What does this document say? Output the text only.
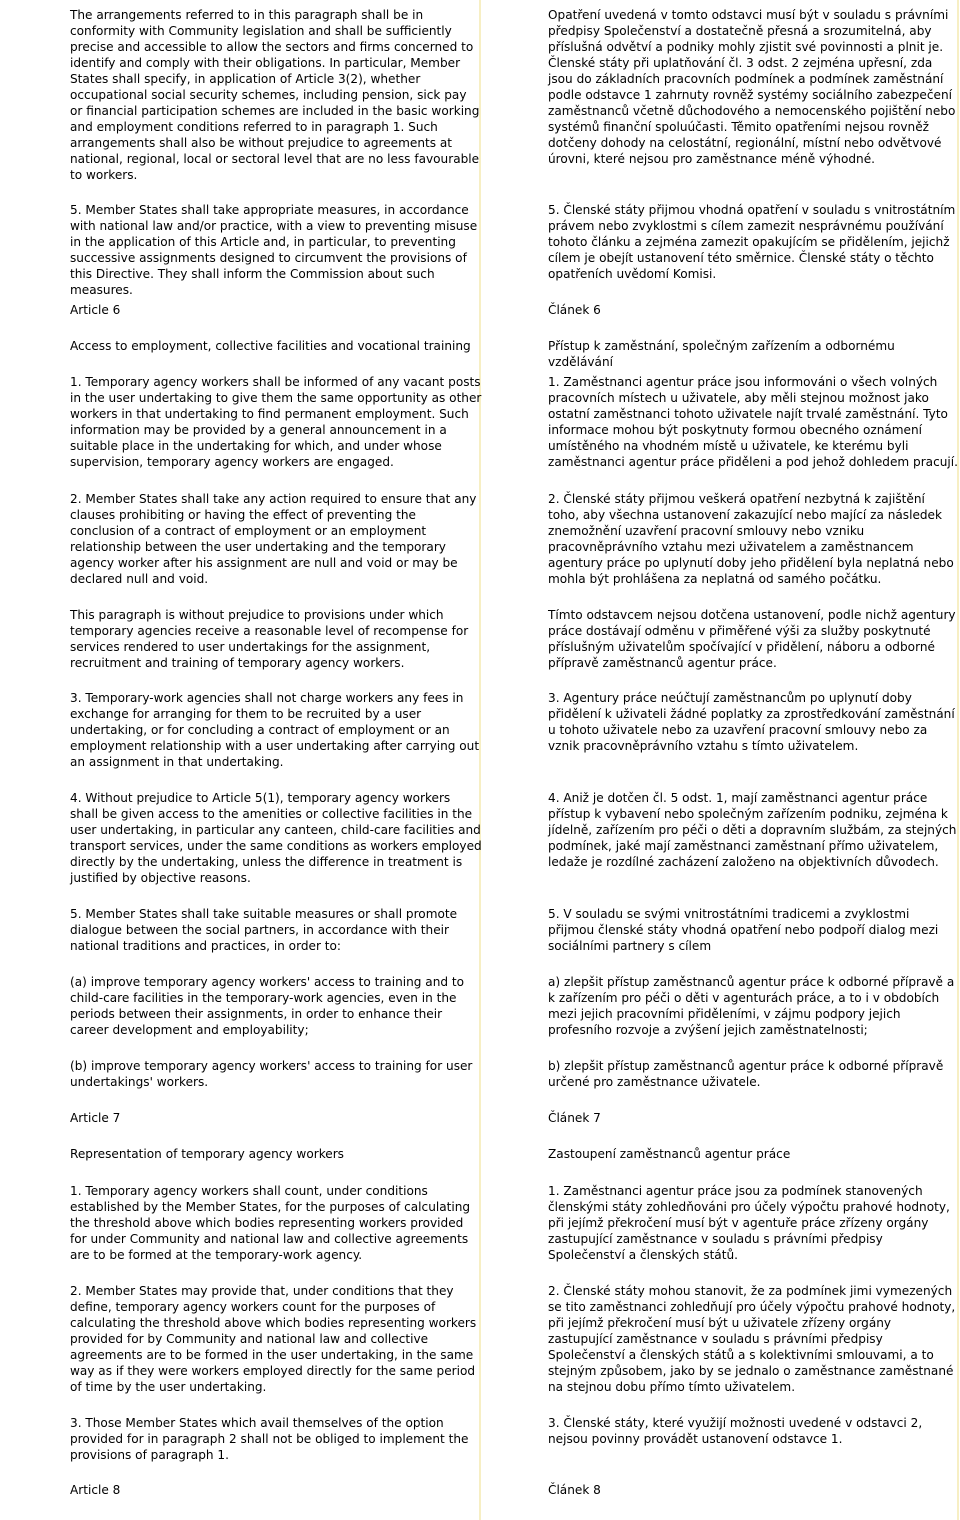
The arrangements referred to in this paragraph shall be in conformity with Community legislation and shall be sufficiently precise and accessible to allow the sectors and firms concerned to identify and comply with their obligations. In particular, Member States shall specify, in application of Article 3(2), whether occupational social security schemes, including pension, sick pay or financial participation schemes are included in the basic working and employment conditions referred to in paragraph 1. Such arrangements shall also be without prejudice to agreements at national, regional, local or sectoral level that are no less favourable to workers.

Opatření uvedená v tomto odstavci musí být v souladu s právními předpisy Společenství a dostatečně přesná a srozumitelná, aby příslušná odvětví a podniky mohly zjistit své povinnosti a plnit je. Členské státy při uplatňování čl. 3 odst. 2 zejména upřesní, zda jsou do základních pracovních podmínek a podmínek zaměstnání podle odstavce 1 zahrnuty rovněž systémy sociálního zabezpečení zaměstnanců včetně důchodového a nemocenského pojištění nebo systémů finanční spoluúčasti. Těmito opatřeními nejsou rovněž dotčeny dohody na celostátní, regionální, místní nebo odvětvové úrovni, které nejsou pro zaměstnance méně výhodné.

5. Member States shall take appropriate measures, in accordance with national law and/or practice, with a view to preventing misuse in the application of this Article and, in particular, to preventing successive assignments designed to circumvent the provisions of this Directive. They shall inform the Commission about such measures.

5. Členské státy přijmou vhodná opatření v souladu s vnitrostátním právem nebo zvyklostmi s cílem zamezit nesprávnému používání tohoto článku a zejména zamezit opakujícím se přidělením, jejichž cílem je obejít ustanovení této směrnice. Členské státy o těchto opatřeních uvědomí Komisi.

Article 6	Článek 6

Access to employment, collective facilities and vocational training	Přístup k zaměstnání, společným zařízením a odbornému vzdělávání

1. Temporary agency workers shall be informed of any vacant posts in the user undertaking to give them the same opportunity as other workers in that undertaking to find permanent employment. Such information may be provided by a general announcement in a suitable place in the undertaking for which, and under whose supervision, temporary agency workers are engaged.

1. Zaměstnanci agentur práce jsou informováni o všech volných pracovních místech u uživatele, aby měli stejnou možnost jako ostatní zaměstnanci tohoto uživatele najít trvalé zaměstnání. Tyto informace mohou být poskytnuty formou obecného oznámení umístěného na vhodném místě u uživatele, ke kterému byli zaměstnanci agentur práce přiděleni a pod jehož dohledem pracují.

2. Member States shall take any action required to ensure that any clauses prohibiting or having the effect of preventing the conclusion of a contract of employment or an employment relationship between the user undertaking and the temporary agency worker after his assignment are null and void or may be declared null and void.

2. Členské státy přijmou veškerá opatření nezbytná k zajištění toho, aby všechna ustanovení zakazující nebo mající za následek znemožnění uzavření pracovní smlouvy nebo vzniku pracovněprávního vztahu mezi uživatelem a zaměstnancem agentury práce po uplynutí doby jeho přidělení byla neplatná nebo mohla být prohlášena za neplatná od samého počátku.

This paragraph is without prejudice to provisions under which temporary agencies receive a reasonable level of recompense for services rendered to user undertakings for the assignment, recruitment and training of temporary agency workers.

Tímto odstavcem nejsou dotčena ustanovení, podle nichž agentury práce dostávají odměnu v přiměřené výši za služby poskytnuté příslušným uživatelům spočívající v přidělení, náboru a odborné přípravě zaměstnanců agentur práce.

3. Temporary-work agencies shall not charge workers any fees in exchange for arranging for them to be recruited by a user undertaking, or for concluding a contract of employment or an employment relationship with a user undertaking after carrying out an assignment in that undertaking.

3. Agentury práce neúčtují zaměstnancům po uplynutí doby přidělení k uživateli žádné poplatky za zprostředkování zaměstnání u tohoto uživatele nebo za uzavření pracovní smlouvy nebo za vznik pracovněprávního vztahu s tímto uživatelem.

4. Without prejudice to Article 5(1), temporary agency workers shall be given access to the amenities or collective facilities in the user undertaking, in particular any canteen, child-care facilities and transport services, under the same conditions as workers employed directly by the undertaking, unless the difference in treatment is justified by objective reasons.

4. Aniž je dotčen čl. 5 odst. 1, mají zaměstnanci agentur práce přístup k vybavení nebo společným zařízením podniku, zejména k jídelně, zařízením pro péči o děti a dopravním službám, za stejných podmínek, jaké mají zaměstnanci zaměstnaní přímo uživatelem, ledaže je rozdílné zacházení založeno na objektivních důvodech.

5. Member States shall take suitable measures or shall promote dialogue between the social partners, in accordance with their national traditions and practices, in order to:

5. V souladu se svými vnitrostátními tradicemi a zvyklostmi přijmou členské státy vhodná opatření nebo podpoří dialog mezi sociálními partnery s cílem

(a) improve temporary agency workers' access to training and to child-care facilities in the temporary-work agencies, even in the periods between their assignments, in order to enhance their career development and employability;

a) zlepšit přístup zaměstnanců agentur práce k odborné přípravě a k zařízením pro péči o děti v agenturách práce, a to i v obdobích mezi jejich pracovními přiděleními, v zájmu podpory jejich profesního rozvoje a zvýšení jejich zaměstnatelnosti;

(b) improve temporary agency workers' access to training for user undertakings' workers.

b) zlepšit přístup zaměstnanců agentur práce k odborné přípravě určené pro zaměstnance uživatele.

Article 7	Článek 7

Representation of temporary agency workers	Zastoupení zaměstnanců agentur práce

1. Temporary agency workers shall count, under conditions established by the Member States, for the purposes of calculating the threshold above which bodies representing workers provided for under Community and national law and collective agreements are to be formed at the temporary-work agency.

1. Zaměstnanci agentur práce jsou za podmínek stanovených členskými státy zohledňováni pro účely výpočtu prahové hodnoty, při jejímž překročení musí být v agentuře práce zřízeny orgány zastupující zaměstnance v souladu s právními předpisy Společenství a členských států.

2. Member States may provide that, under conditions that they define, temporary agency workers count for the purposes of calculating the threshold above which bodies representing workers provided for by Community and national law and collective agreements are to be formed in the user undertaking, in the same way as if they were workers employed directly for the same period of time by the user undertaking.

2. Členské státy mohou stanovit, že za podmínek jimi vymezených se tito zaměstnanci zohledňují pro účely výpočtu prahové hodnoty, při jejímž překročení musí být u uživatele zřízeny orgány zastupující zaměstnance v souladu s právními předpisy Společenství a členských států a s kolektivními smlouvami, a to stejným způsobem, jako by se jednalo o zaměstnance zaměstnané na stejnou dobu přímo tímto uživatelem.

3. Those Member States which avail themselves of the option provided for in paragraph 2 shall not be obliged to implement the provisions of paragraph 1.

3. Členské státy, které využijí možnosti uvedené v odstavci 2, nejsou povinny provádět ustanovení odstavce 1.

Article 8	Článek 8
